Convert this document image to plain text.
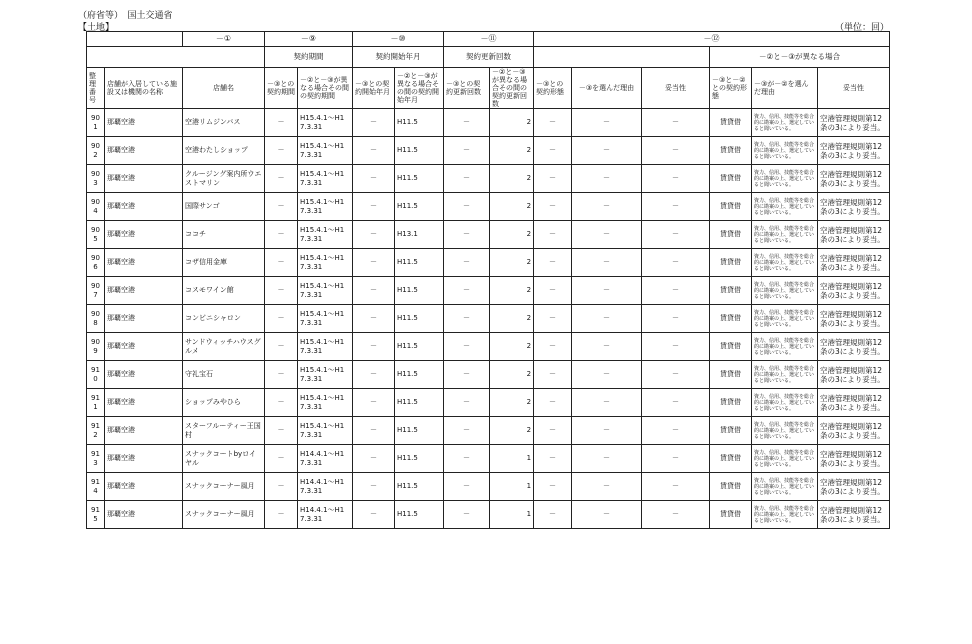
（府省等）　国土交通省
【土地】	（単位：回）
		－①	－⑨		－⑩		－⑪		－⑫					
			契約期間		契約開始年月		契約更新回数					－②と－③が異なる場合		
整理番号	店舗が入居している施設又は機関の名称	店舗名	－③との契約期間	－②と－③が異なる場合その間の契約期間	－③との契約開始年月	－②と－③が異なる場合その間の契約開始年月	－③との契約更新回数	－②と－③が異なる場合その間の契約更新回数	－③との契約形態	－③を選んだ理由	妥当性	－③と－②との契約形態	－③が－②を選んだ理由	妥当性
901	那覇空港	空港リムジンバス	－	H15.4.1～H17.3.31	－	H11.5	－	2	－	－	－	賃貸借	資力、信用、技能等を総合的に勘案の上、選定していると聞いている。	空港管理規則第12条の3により妥当。
902	那覇空港	空港わたしショップ	－	H15.4.1～H17.3.31	－	H11.5	－	2	－	－	－	賃貸借	資力、信用、技能等を総合的に勘案の上、選定していると聞いている。	空港管理規則第12条の3により妥当。
903	那覇空港	クルージング案内所ウエストマリン	－	H15.4.1～H17.3.31	－	H11.5	－	2	－	－	－	賃貸借	資力、信用、技能等を総合的に勘案の上、選定していると聞いている。	空港管理規則第12条の3により妥当。
904	那覇空港	国際サンゴ	－	H15.4.1～H17.3.31	－	H11.5	－	2	－	－	－	賃貸借	資力、信用、技能等を総合的に勘案の上、選定していると聞いている。	空港管理規則第12条の3により妥当。
905	那覇空港	ココチ	－	H15.4.1～H17.3.31	－	H13.1	－	2	－	－	－	賃貸借	資力、信用、技能等を総合的に勘案の上、選定していると聞いている。	空港管理規則第12条の3により妥当。
906	那覇空港	コザ信用金庫	－	H15.4.1～H17.3.31	－	H11.5	－	2	－	－	－	賃貸借	資力、信用、技能等を総合的に勘案の上、選定していると聞いている。	空港管理規則第12条の3により妥当。
907	那覇空港	コスモワイン館	－	H15.4.1～H17.3.31	－	H11.5	－	2	－	－	－	賃貸借	資力、信用、技能等を総合的に勘案の上、選定していると聞いている。	空港管理規則第12条の3により妥当。
908	那覇空港	コンビニシャロン	－	H15.4.1～H17.3.31	－	H11.5	－	2	－	－	－	賃貸借	資力、信用、技能等を総合的に勘案の上、選定していると聞いている。	空港管理規則第12条の3により妥当。
909	那覇空港	サンドウィッチハウスグルメ	－	H15.4.1～H17.3.31	－	H11.5	－	2	－	－	－	賃貸借	資力、信用、技能等を総合的に勘案の上、選定していると聞いている。	空港管理規則第12条の3により妥当。
910	那覇空港	守礼宝石	－	H15.4.1～H17.3.31	－	H11.5	－	2	－	－	－	賃貸借	資力、信用、技能等を総合的に勘案の上、選定していると聞いている。	空港管理規則第12条の3により妥当。
911	那覇空港	ショップみやひら	－	H15.4.1～H17.3.31	－	H11.5	－	2	－	－	－	賃貸借	資力、信用、技能等を総合的に勘案の上、選定していると聞いている。	空港管理規則第12条の3により妥当。
912	那覇空港	スターフルーティー王国村	－	H15.4.1～H17.3.31	－	H11.5	－	2	－	－	－	賃貸借	資力、信用、技能等を総合的に勘案の上、選定していると聞いている。	空港管理規則第12条の3により妥当。
913	那覇空港	スナックコートbyロイヤル	－	H14.4.1～H17.3.31	－	H11.5	－	1	－	－	－	賃貸借	資力、信用、技能等を総合的に勘案の上、選定していると聞いている。	空港管理規則第12条の3により妥当。
914	那覇空港	スナックコーナー風月	－	H14.4.1～H17.3.31	－	H11.5	－	1	－	－	－	賃貸借	資力、信用、技能等を総合的に勘案の上、選定していると聞いている。	空港管理規則第12条の3により妥当。
915	那覇空港	スナックコーナー風月	－	H14.4.1～H17.3.31	－	H11.5	－	1	－	－	－	賃貸借	資力、信用、技能等を総合的に勘案の上、選定していると聞いている。	空港管理規則第12条の3により妥当。
